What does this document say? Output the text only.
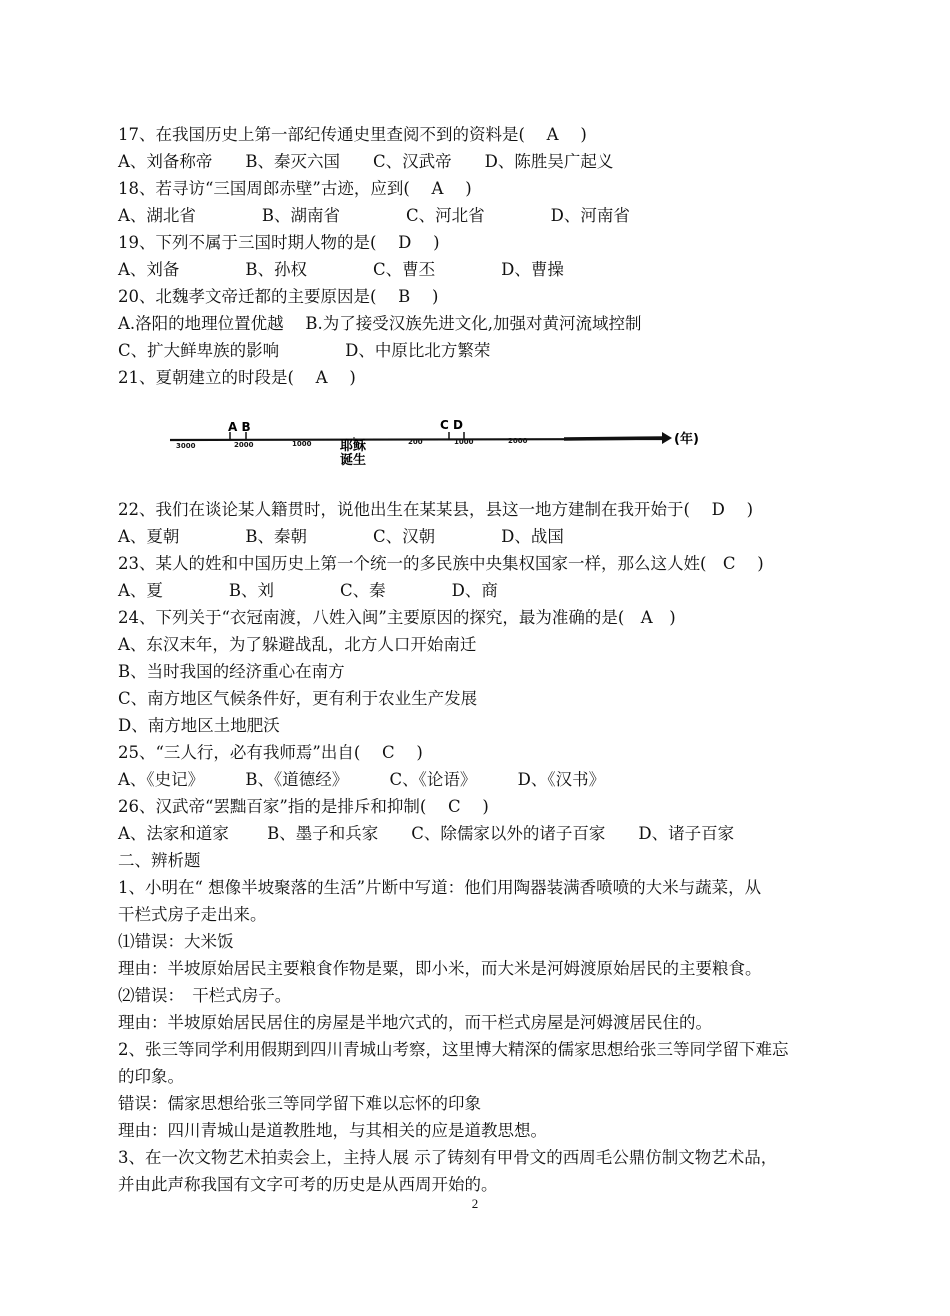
17、在我国历史上第一部纪传通史里查阅不到的资料是(　 A　 )
A、刘备称帝　　B、秦灭六国　　C、汉武帝　　D、陈胜吴广起义
18、若寻访“三国周郎赤壁”古迹，应到(　 A　 )
A、湖北省　　　　B、湖南省　　　　C、河北省　　　　D、河南省
19、下列不属于三国时期人物的是(　 D　 )
A、刘备　　　　B、孙权　　　　C、曹丕　　　　D、曹操
20、北魏孝文帝迁都的主要原因是(　 B　 )
A.洛阳的地理位置优越　 B.为了接受汉族先进文化,加强对黄河流域控制
C、扩大鲜卑族的影响　　　　D、中原比北方繁荣
21、夏朝建立的时段是(　 A　 )
22、我们在谈论某人籍贯时，说他出生在某某县，县这一地方建制在我开始于(　 D　 )
A、夏朝　　　　B、秦朝　　　　C、汉朝　　　　D、战国
23、某人的姓和中国历史上第一个统一的多民族中央集权国家一样，那么这人姓(　C　 )
A、夏　　　　B、刘　　　　C、秦　　　　D、商
24、下列关于“衣冠南渡，八姓入闽”主要原因的探究，最为准确的是(　A　)
A、东汉末年，为了躲避战乱，北方人口开始南迁
B、当时我国的经济重心在南方
C、南方地区气候条件好，更有利于农业生产发展
D、南方地区土地肥沃
25、“三人行，必有我师焉”出自(　 C　 )
A、《史记》　　　B、《道德经》　　　C、《论语》　　　D、《汉书》
26、汉武帝“罢黜百家”指的是排斥和抑制(　 C　 )
A、法家和道家　　 B、墨子和兵家　　C、除儒家以外的诸子百家　　D、诸子百家
二、辨析题
1、小明在“ 想像半坡聚落的生活”片断中写道：他们用陶器装满香喷喷的大米与蔬菜，从
干栏式房子走出来。
⑴错误：大米饭
理由：半坡原始居民主要粮食作物是粟，即小米，而大米是河姆渡原始居民的主要粮食。
⑵错误：　干栏式房子。
理由：半坡原始居民居住的房屋是半地穴式的，而干栏式房屋是河姆渡居民住的。
2、张三等同学利用假期到四川青城山考察，这里博大精深的儒家思想给张三等同学留下难忘
的印象。
错误：儒家思想给张三等同学留下难以忘怀的印象
理由：四川青城山是道教胜地，与其相关的应是道教思想。
3、在一次文物艺术拍卖会上，主持人展 示了铸刻有甲骨文的西周毛公鼎仿制文物艺术品，
并由此声称我国有文字可考的历史是从西周开始的。
A B	C D
3000	2000	1000	200	1000	2000
耶稣
诞生
(年)
2
